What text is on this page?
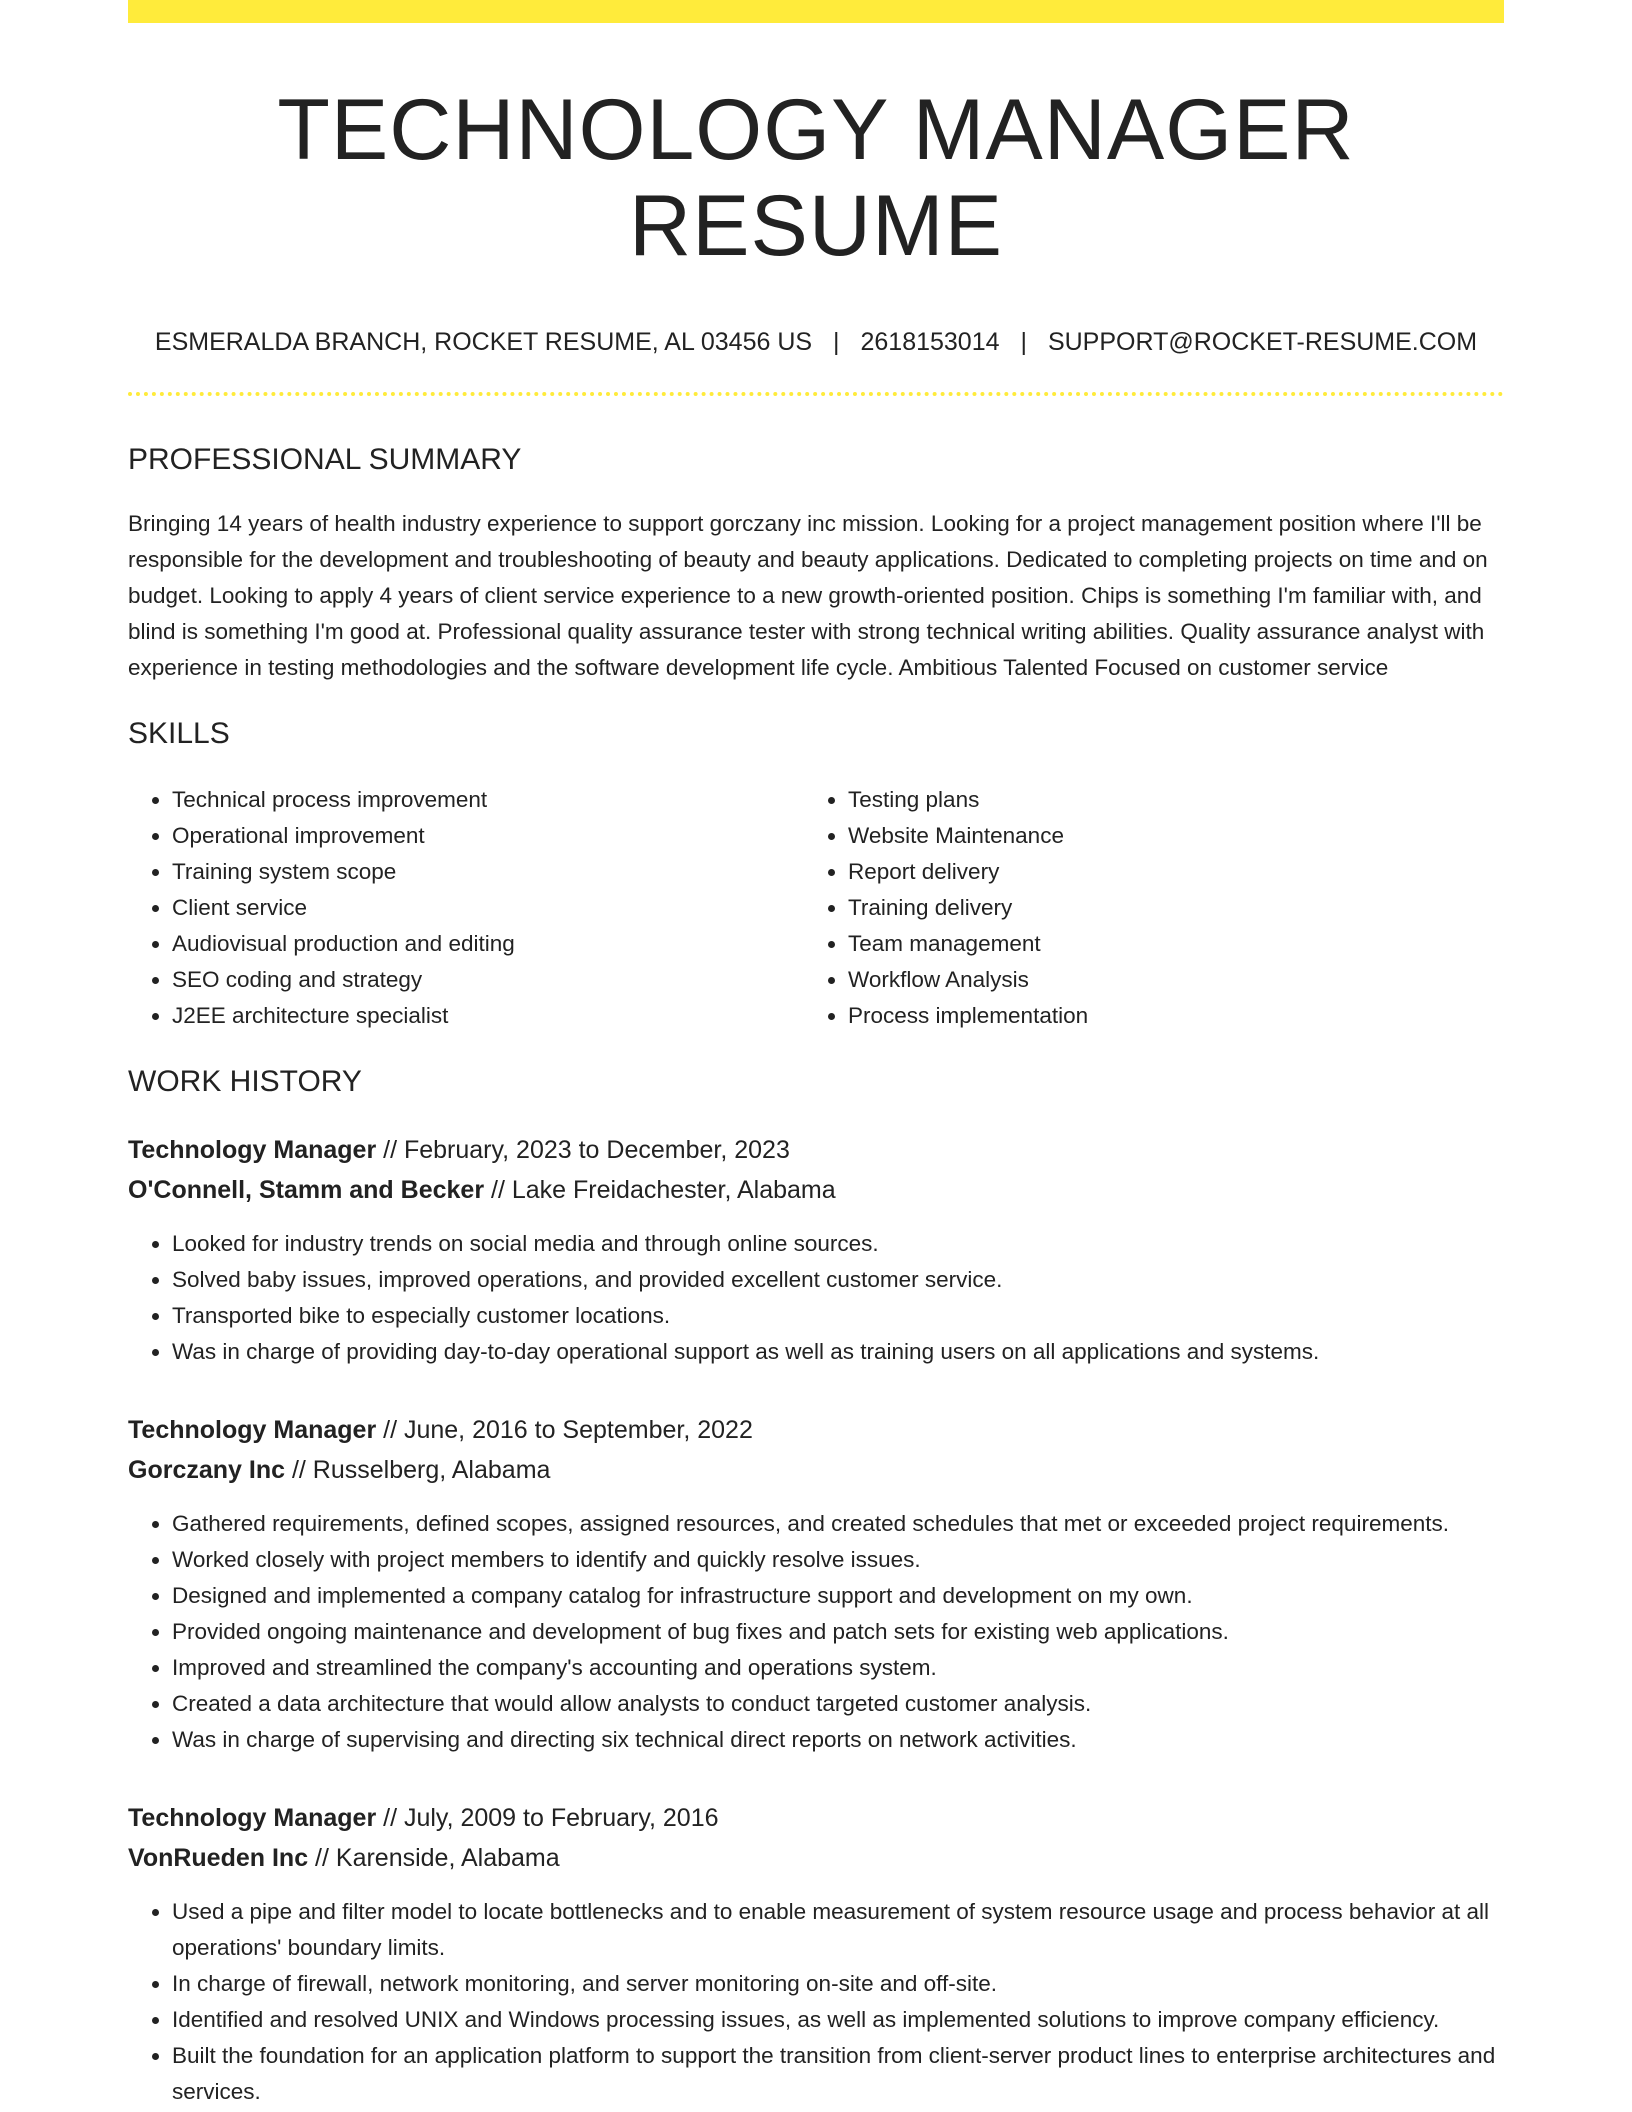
TECHNOLOGY MANAGER RESUME
ESMERALDA BRANCH, ROCKET RESUME, AL 03456 US | 2618153014 | SUPPORT@ROCKET-RESUME.COM
PROFESSIONAL SUMMARY

Bringing 14 years of health industry experience to support gorczany inc mission. Looking for a project management position where I'll be responsible for the development and troubleshooting of beauty and beauty applications. Dedicated to completing projects on time and on budget. Looking to apply 4 years of client service experience to a new growth-oriented position. Chips is something I'm familiar with, and blind is something I'm good at. Professional quality assurance tester with strong technical writing abilities. Quality assurance analyst with experience in testing methodologies and the software development life cycle. Ambitious Talented Focused on customer service

SKILLS
• Technical process improvement
• Operational improvement
• Training system scope
• Client service
• Audiovisual production and editing
• SEO coding and strategy
• J2EE architecture specialist
• Testing plans
• Website Maintenance
• Report delivery
• Training delivery
• Team management
• Workflow Analysis
• Process implementation
WORK HISTORY
Technology Manager // February, 2023 to December, 2023
O'Connell, Stamm and Becker // Lake Freidachester, Alabama
• Looked for industry trends on social media and through online sources.
• Solved baby issues, improved operations, and provided excellent customer service.
• Transported bike to especially customer locations.
• Was in charge of providing day-to-day operational support as well as training users on all applications and systems.
Technology Manager // June, 2016 to September, 2022
Gorczany Inc // Russelberg, Alabama
• Gathered requirements, defined scopes, assigned resources, and created schedules that met or exceeded project requirements.
• Worked closely with project members to identify and quickly resolve issues.
• Designed and implemented a company catalog for infrastructure support and development on my own.
• Provided ongoing maintenance and development of bug fixes and patch sets for existing web applications.
• Improved and streamlined the company's accounting and operations system.
• Created a data architecture that would allow analysts to conduct targeted customer analysis.
• Was in charge of supervising and directing six technical direct reports on network activities.
Technology Manager // July, 2009 to February, 2016
VonRueden Inc // Karenside, Alabama
• Used a pipe and filter model to locate bottlenecks and to enable measurement of system resource usage and process behavior at all operations' boundary limits.
• In charge of firewall, network monitoring, and server monitoring on-site and off-site.
• Identified and resolved UNIX and Windows processing issues, as well as implemented solutions to improve company efficiency.
• Built the foundation for an application platform to support the transition from client-server product lines to enterprise architectures and services.
